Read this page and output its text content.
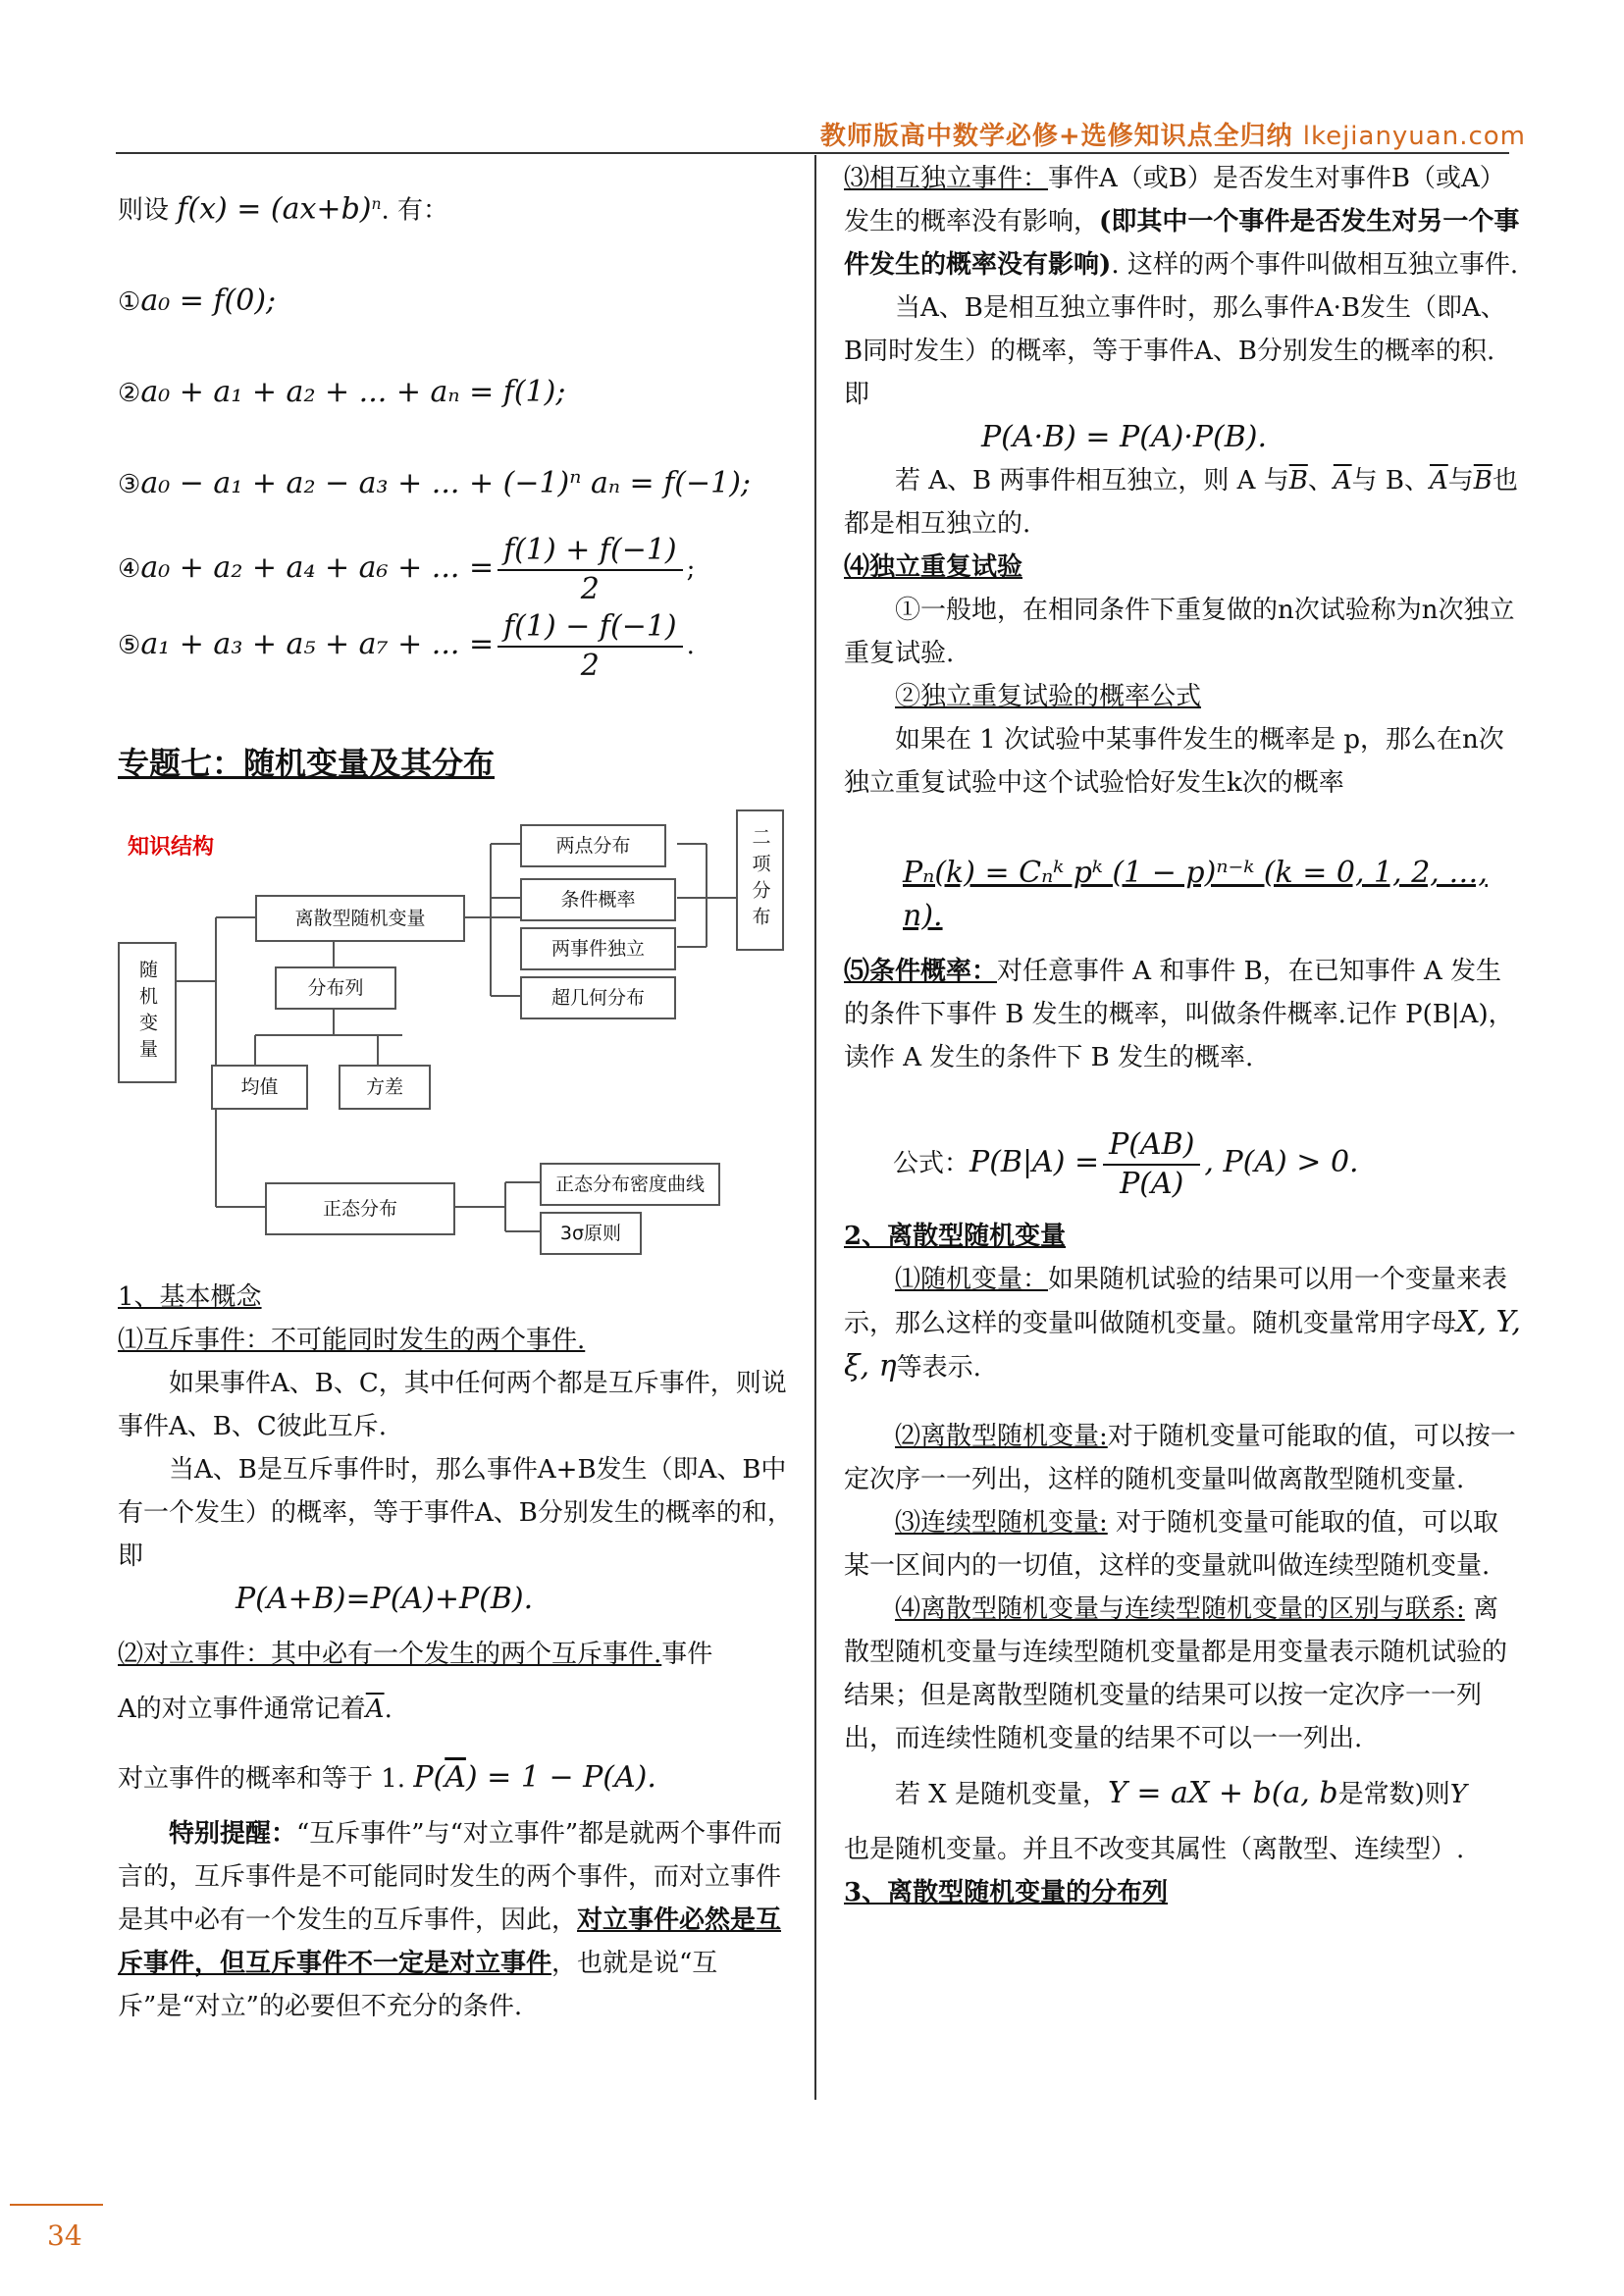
教师版高中数学必修+选修知识点全归纳 lkejianyuan.com

则设 $f(x) = (ax+b)^n$. 有：

①a₀ = f(0);

②a₀ + a₁ + a₂ + ... + aₙ = f(1);

③a₀ − a₁ + a₂ − a₃ + ... + (−1)ⁿ aₙ = f(−1);

④a₀ + a₂ + a₄ + a₆ + ... = $\frac{f(1) + f(-1)}{2}$ ;

⑤a₁ + a₃ + a₅ + a₇ + ... = $\frac{f(1) - f(-1)}{2}$ .

专题七：随机变量及其分布
知识结构
随机变量
离散型随机变量
分布列
均值	方差
正态分布
两点分布
条件概率
两事件独立
超几何分布
二项分布
正态分布密度曲线
3σ原则

1、基本概念

⑴互斥事件：不可能同时发生的两个事件.

如果事件A、B、C，其中任何两个都是互斥事件，则说事件A、B、C彼此互斥.

当A、B是互斥事件时，那么事件A+B发生（即A、B中有一个发生）的概率，等于事件A、B分别发生的概率的和，即

P(A+B)=P(A)+P(B).

⑵对立事件：其中必有一个发生的两个互斥事件.事件

A的对立事件通常记着$\overline{A}$.

对立事件的概率和等于 1. $P(\overline{A}) = 1 - P(A)$.

特别提醒：“互斥事件”与“对立事件”都是就两个事件而言的，互斥事件是不可能同时发生的两个事件，而对立事件是其中必有一个发生的互斥事件，因此，对立事件必然是互斥事件，但互斥事件不一定是对立事件，也就是说“互斥”是“对立”的必要但不充分的条件.

⑶相互独立事件：事件A（或B）是否发生对事件B（或A）发生的概率没有影响，(即其中一个事件是否发生对另一个事件发生的概率没有影响). 这样的两个事件叫做相互独立事件.

当A、B是相互独立事件时，那么事件A·B发生（即A、B同时发生）的概率，等于事件A、B分别发生的概率的积. 即

P(A·B) = P(A)·P(B).

若 A、B 两事件相互独立，则 A 与$\overline{B}$、$\overline{A}$与 B、$\overline{A}$与$\overline{B}$也都是相互独立的.

⑷独立重复试验

①一般地，在相同条件下重复做的n次试验称为n次独立重复试验.

②独立重复试验的概率公式

如果在 1 次试验中某事件发生的概率是 p，那么在n次独立重复试验中这个试验恰好发生k次的概率

Pₙ(k) = Cₙᵏ pᵏ (1 − p)ⁿ⁻ᵏ (k = 0, 1, 2, …, n).

⑸条件概率：对任意事件 A 和事件 B，在已知事件 A 发生的条件下事件 B 发生的概率，叫做条件概率.记作 P(B|A)，读作 A 发生的条件下 B 发生的概率.

公式：$P(B|A) = \frac{P(AB)}{P(A)}$ , P(A) > 0.

2、离散型随机变量

⑴随机变量：如果随机试验的结果可以用一个变量来表示，那么这样的变量叫做随机变量。随机变量常用字母X, Y, ξ, η等表示.

⑵离散型随机变量:对于随机变量可能取的值，可以按一定次序一一列出，这样的随机变量叫做离散型随机变量.

⑶连续型随机变量: 对于随机变量可能取的值，可以取某一区间内的一切值，这样的变量就叫做连续型随机变量.

⑷离散型随机变量与连续型随机变量的区别与联系: 离散型随机变量与连续型随机变量都是用变量表示随机试验的结果；但是离散型随机变量的结果可以按一定次序一一列出，而连续性随机变量的结果不可以一一列出.

若 X 是随机变量，Y = aX + b(a, b是常数)则Y

也是随机变量。并且不改变其属性（离散型、连续型）.

3、离散型随机变量的分布列

34
